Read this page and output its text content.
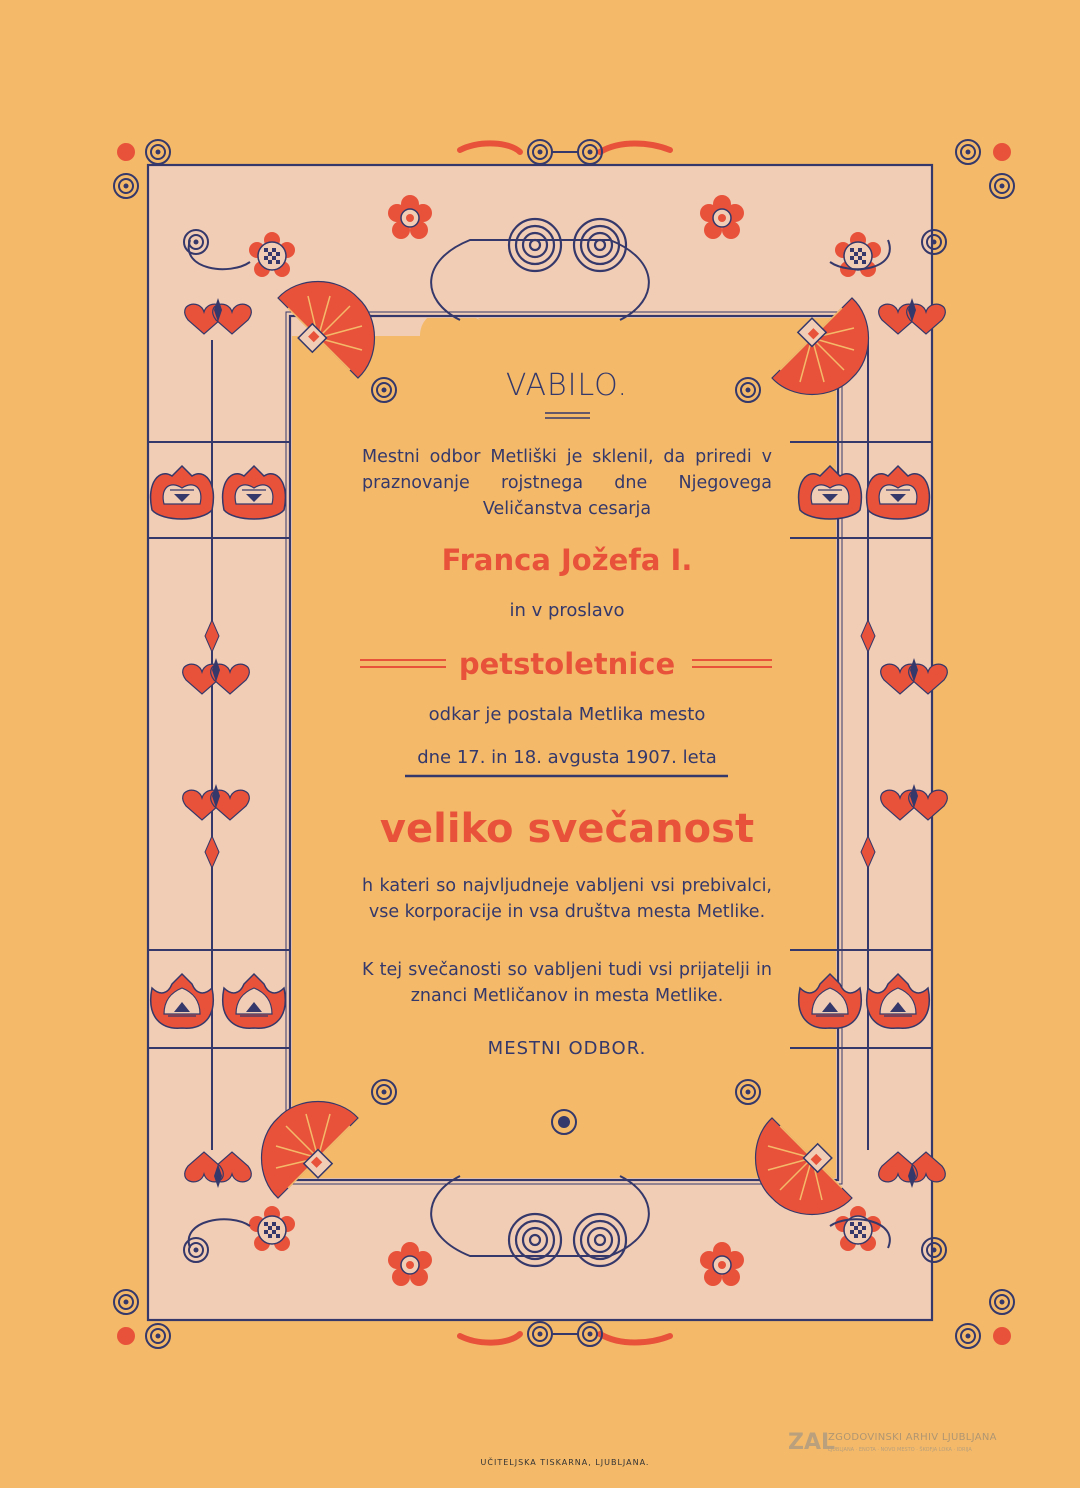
VABILO.
Mestni odbor Metliški je sklenil, da priredi v praznovanje rojstnega dne Njegovega Veličanstva cesarja
Franca Jožefa I.
in v proslavo
petstoletnice
odkar je postala Metlika mesto
dne 17. in 18. avgusta 1907. leta
veliko svečanost
h kateri so najvljudneje vabljeni vsi prebivalci, vse korporacije in vsa društva mesta Metlike.
K tej svečanosti so vabljeni tudi vsi prijatelji in znanci Metličanov in mesta Metlike.
MESTNI ODBOR.
UČITELJSKA TISKARNA, LJUBLJANA.
ZAL
ZGODOVINSKI ARHIV LJUBLJANA
LJUBLJANA · ENOTA · NOVO MESTO · ŠKOFJA LOKA · IDRIJA
